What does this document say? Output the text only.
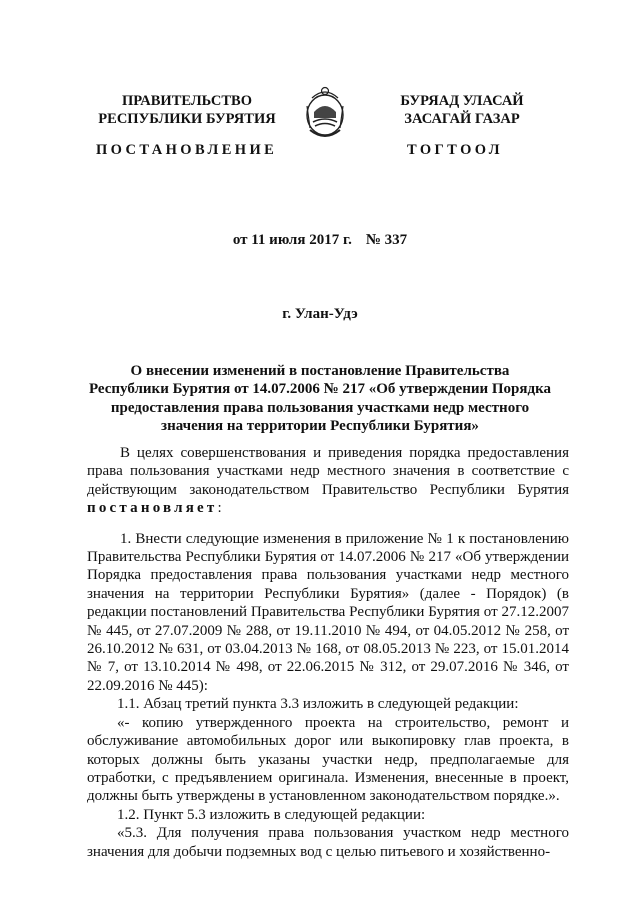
ПРАВИТЕЛЬСТВО
РЕСПУБЛИКИ БУРЯТИЯ
БУРЯАД УЛАСАЙ
ЗАСАГАЙ ГАЗАР
ПОСТАНОВЛЕНИЕ	ТОГТООЛ
от 11 июля 2017 г. № 337
г. Улан-Удэ
О внесении изменений в постановление Правительства
Республики Бурятия от 14.07.2006 № 217 «Об утверждении Порядка
предоставления права пользования участками недр местного
значения на территории Республики Бурятия»

В целях совершенствования и приведения порядка предоставления права пользования участками недр местного значения в соответствие с действующим законодательством Правительство Республики Бурятия постановляет:

1. Внести следующие изменения в приложение № 1 к постановлению Правительства Республики Бурятия от 14.07.2006 № 217 «Об утверждении Порядка предоставления права пользования участками недр местного значения на территории Республики Бурятия» (далее - Порядок) (в редакции постановлений Правительства Республики Бурятия от 27.12.2007 № 445, от 27.07.2009 № 288, от 19.11.2010 № 494, от 04.05.2012 № 258, от 26.10.2012 № 631, от 03.04.2013 № 168, от 08.05.2013 № 223, от 15.01.2014 № 7, от 13.10.2014 № 498, от 22.06.2015 № 312, от 29.07.2016 № 346, от 22.09.2016 № 445):

1.1. Абзац третий пункта 3.3 изложить в следующей редакции:

«- копию утвержденного проекта на строительство, ремонт и обслуживание автомобильных дорог или выкопировку глав проекта, в которых должны быть указаны участки недр, предполагаемые для отработки, с предъявлением оригинала. Изменения, внесенные в проект, должны быть утверждены в установленном законодательством порядке.».

1.2. Пункт 5.3 изложить в следующей редакции:

«5.3. Для получения права пользования участком недр местного значения для добычи подземных вод с целью питьевого и хозяйственно-
